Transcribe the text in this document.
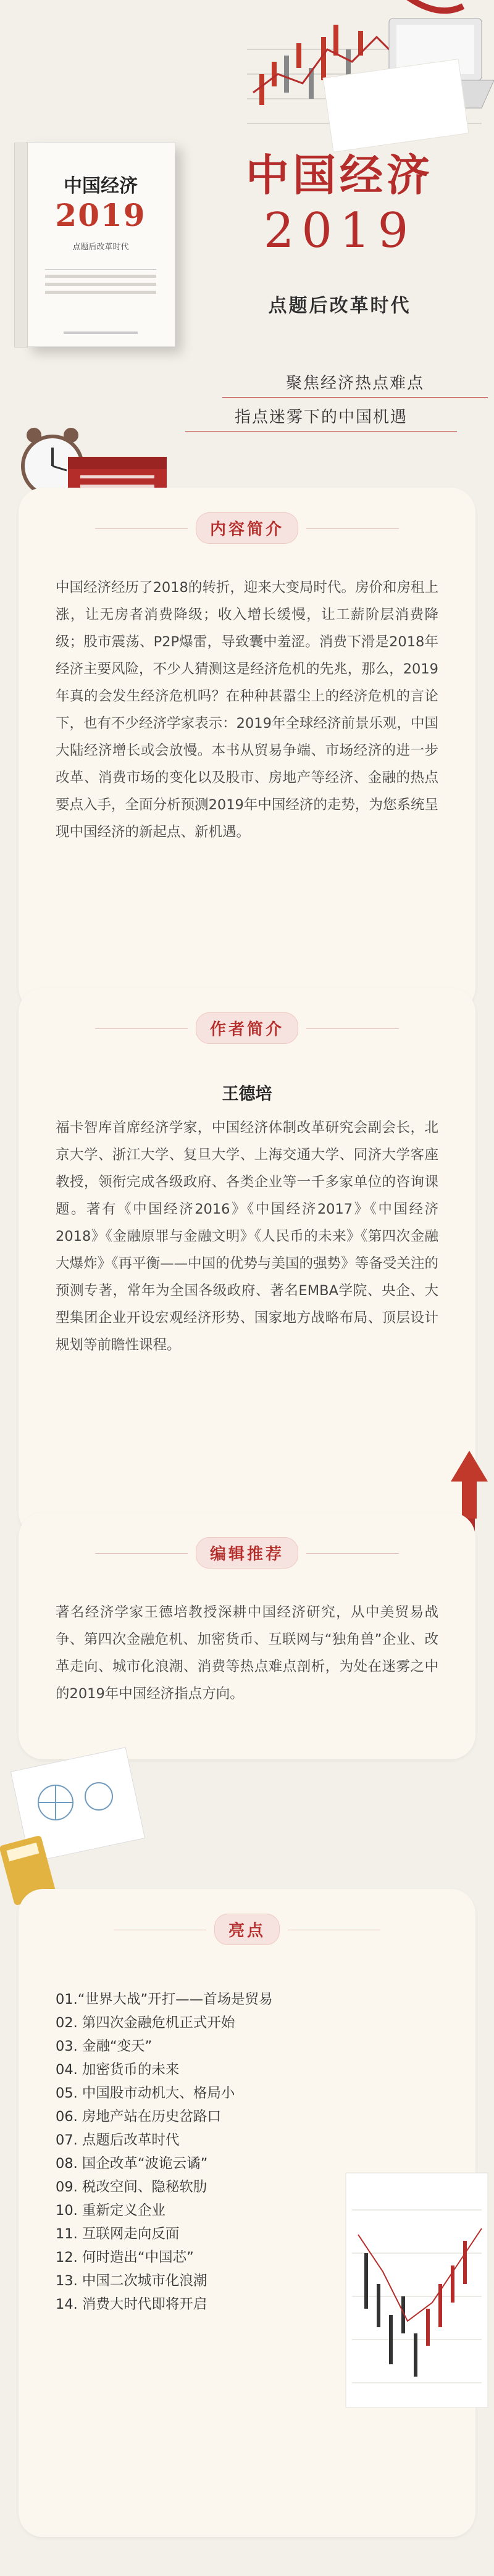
中国经济
2019
点题后改革时代
中国经济
2019
点题后改革时代
聚焦经济热点难点
指点迷雾下的中国机遇
内容简介
中国经济经历了2018的转折，迎来大变局时代。房价和房租上涨，让无房者消费降级；收入增长缓慢，让工薪阶层消费降级；股市震荡、P2P爆雷，导致囊中羞涩。消费下滑是2018年经济主要风险，不少人猜测这是经济危机的先兆，那么，2019年真的会发生经济危机吗？在种种甚嚣尘上的经济危机的言论下，也有不少经济学家表示：2019年全球经济前景乐观，中国大陆经济增长或会放慢。本书从贸易争端、市场经济的进一步改革、消费市场的变化以及股市、房地产等经济、金融的热点要点入手，全面分析预测2019年中国经济的走势，为您系统呈现中国经济的新起点、新机遇。
作者简介
王德培
福卡智库首席经济学家，中国经济体制改革研究会副会长，北京大学、浙江大学、复旦大学、上海交通大学、同济大学客座教授，领衔完成各级政府、各类企业等一千多家单位的咨询课题。著有《中国经济2016》《中国经济2017》《中国经济2018》《金融原罪与金融文明》《人民币的未来》《第四次金融大爆炸》《再平衡——中国的优势与美国的强势》等备受关注的预测专著，常年为全国各级政府、著名EMBA学院、央企、大型集团企业开设宏观经济形势、国家地方战略布局、顶层设计规划等前瞻性课程。
编辑推荐
著名经济学家王德培教授深耕中国经济研究，从中美贸易战争、第四次金融危机、加密货币、互联网与“独角兽”企业、改革走向、城市化浪潮、消费等热点难点剖析，为处在迷雾之中的2019年中国经济指点方向。
亮点
01.“世界大战”开打——首场是贸易
02. 第四次金融危机正式开始
03. 金融“变天”
04. 加密货币的未来
05. 中国股市动机大、格局小
06. 房地产站在历史岔路口
07. 点题后改革时代
08. 国企改革“波诡云谲”
09. 税改空间、隐秘软肋
10. 重新定义企业
11. 互联网走向反面
12. 何时造出“中国芯”
13. 中国二次城市化浪潮
14. 消费大时代即将开启
